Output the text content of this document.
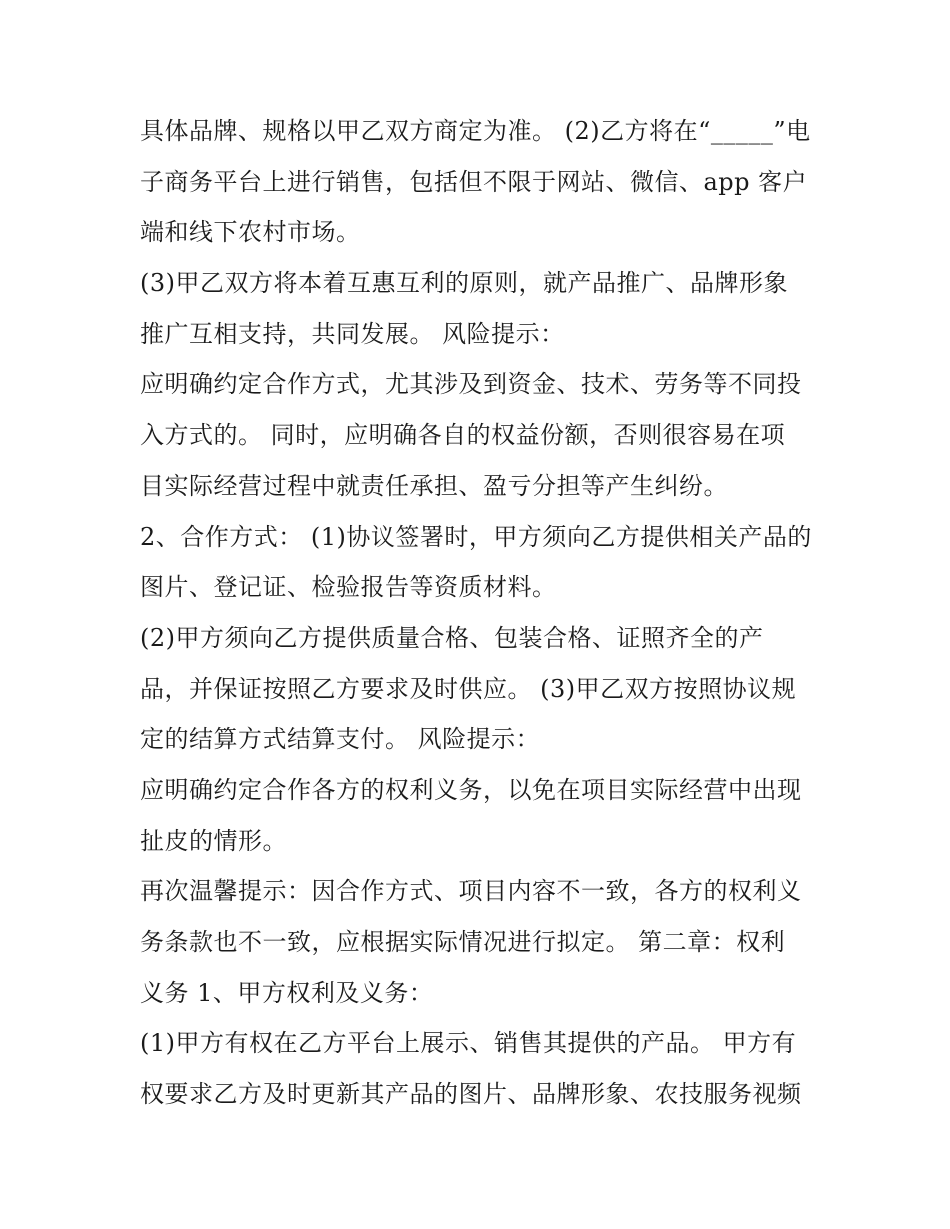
具体品牌、规格以甲乙双方商定为准。 (2)乙方将在“_____”电
子商务平台上进行销售，包括但不限于网站、微信、app 客户
端和线下农村市场。
(3)甲乙双方将本着互惠互利的原则，就产品推广、品牌形象
推广互相支持，共同发展。 风险提示：
应明确约定合作方式，尤其涉及到资金、技术、劳务等不同投
入方式的。 同时，应明确各自的权益份额，否则很容易在项
目实际经营过程中就责任承担、盈亏分担等产生纠纷。
2、合作方式： (1)协议签署时，甲方须向乙方提供相关产品的
图片、登记证、检验报告等资质材料。
(2)甲方须向乙方提供质量合格、包装合格、证照齐全的产
品，并保证按照乙方要求及时供应。 (3)甲乙双方按照协议规
定的结算方式结算支付。 风险提示：
应明确约定合作各方的权利义务，以免在项目实际经营中出现
扯皮的情形。
再次温馨提示：因合作方式、项目内容不一致，各方的权利义
务条款也不一致，应根据实际情况进行拟定。 第二章：权利
义务 1、甲方权利及义务：
(1)甲方有权在乙方平台上展示、销售其提供的产品。 甲方有
权要求乙方及时更新其产品的图片、品牌形象、农技服务视频
